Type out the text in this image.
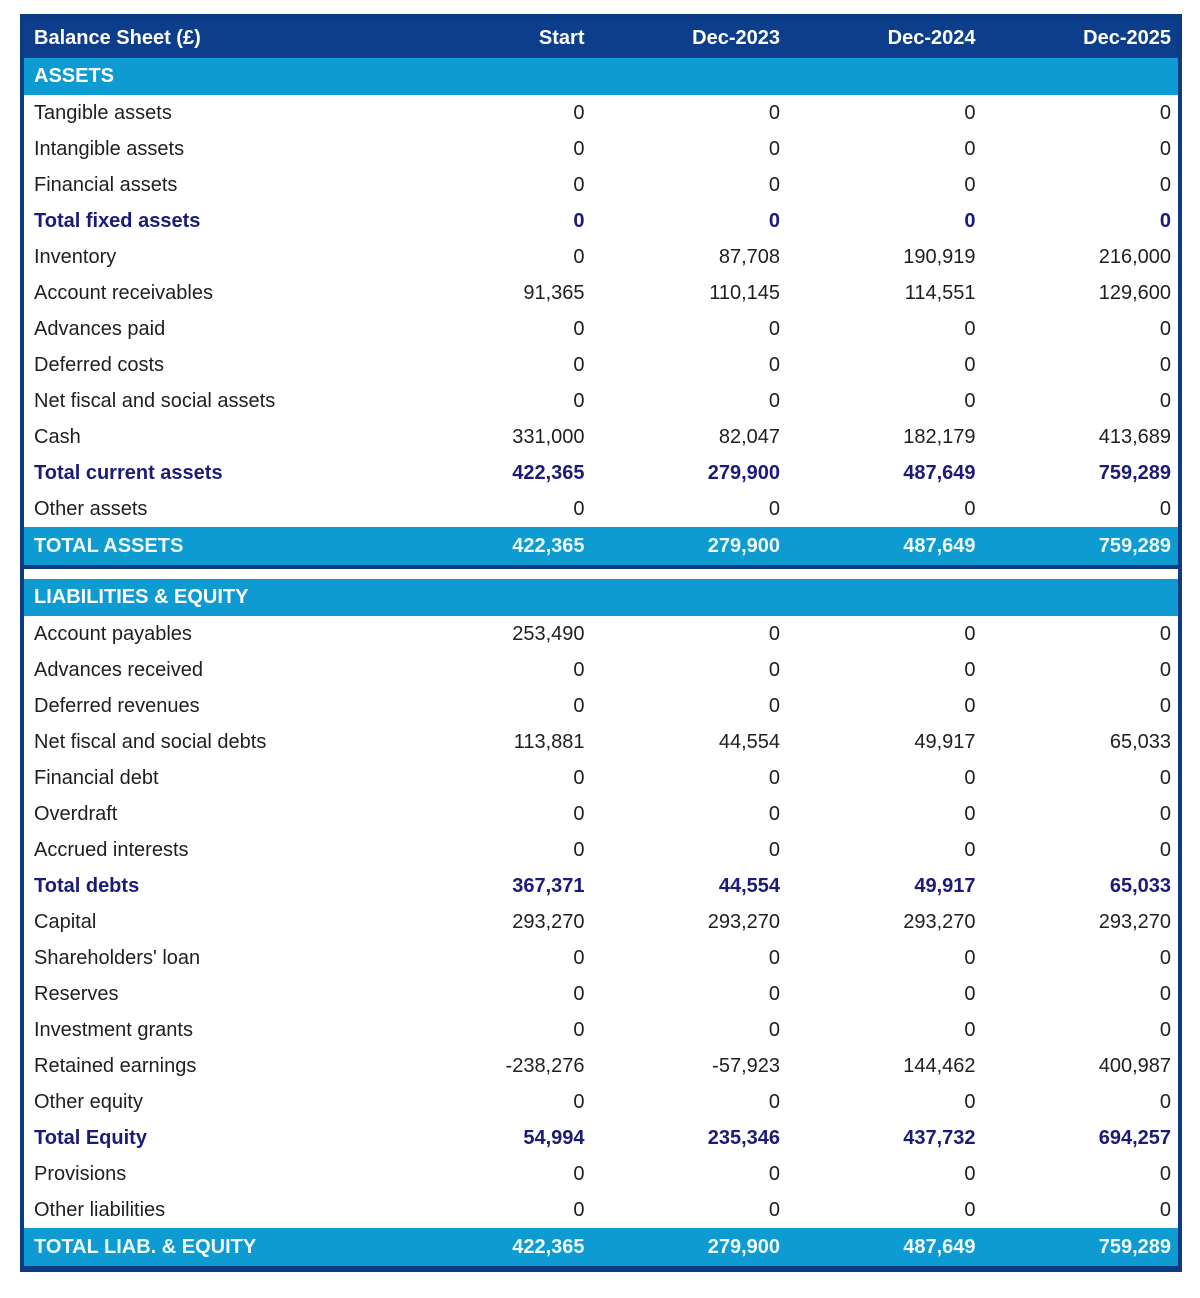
Balance Sheet (£)	Start	Dec-2023	Dec-2024	Dec-2025
ASSETS				
Tangible assets	0	0	0	0
Intangible assets	0	0	0	0
Financial assets	0	0	0	0
Total fixed assets	0	0	0	0
Inventory	0	87,708	190,919	216,000
Account receivables	91,365	110,145	114,551	129,600
Advances paid	0	0	0	0
Deferred costs	0	0	0	0
Net fiscal and social assets	0	0	0	0
Cash	331,000	82,047	182,179	413,689
Total current assets	422,365	279,900	487,649	759,289
Other assets	0	0	0	0
TOTAL ASSETS	422,365	279,900	487,649	759,289

LIABILITIES & EQUITY				
Account payables	253,490	0	0	0
Advances received	0	0	0	0
Deferred revenues	0	0	0	0
Net fiscal and social debts	113,881	44,554	49,917	65,033
Financial debt	0	0	0	0
Overdraft	0	0	0	0
Accrued interests	0	0	0	0
Total debts	367,371	44,554	49,917	65,033
Capital	293,270	293,270	293,270	293,270
Shareholders' loan	0	0	0	0
Reserves	0	0	0	0
Investment grants	0	0	0	0
Retained earnings	-238,276	-57,923	144,462	400,987
Other equity	0	0	0	0
Total Equity	54,994	235,346	437,732	694,257
Provisions	0	0	0	0
Other liabilities	0	0	0	0
TOTAL LIAB. & EQUITY	422,365	279,900	487,649	759,289
